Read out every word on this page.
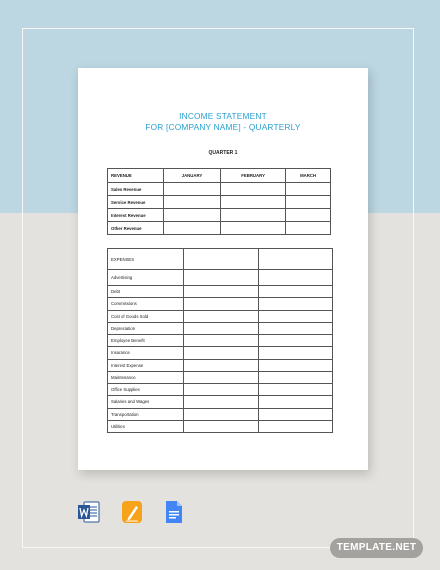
INCOME STATEMENT
FOR [COMPANY NAME] - QUARTERLY
QUARTER 1
REVENUE	JANUARY	FEBRUARY	MARCH
Sales Revenue			
Service Revenue			
Interest Revenue			
Other Revenue			
EXPENSES		
Advertising		
Debt		
Commissions		
Cost of Goods Sold		
Depreciation		
Employee Benefit		
Insurance		
Interest Expense		
Maintenance		
Office Supplies		
Salaries and Wages		
Transportation		
Utilities		
TEMPLATE.NET
